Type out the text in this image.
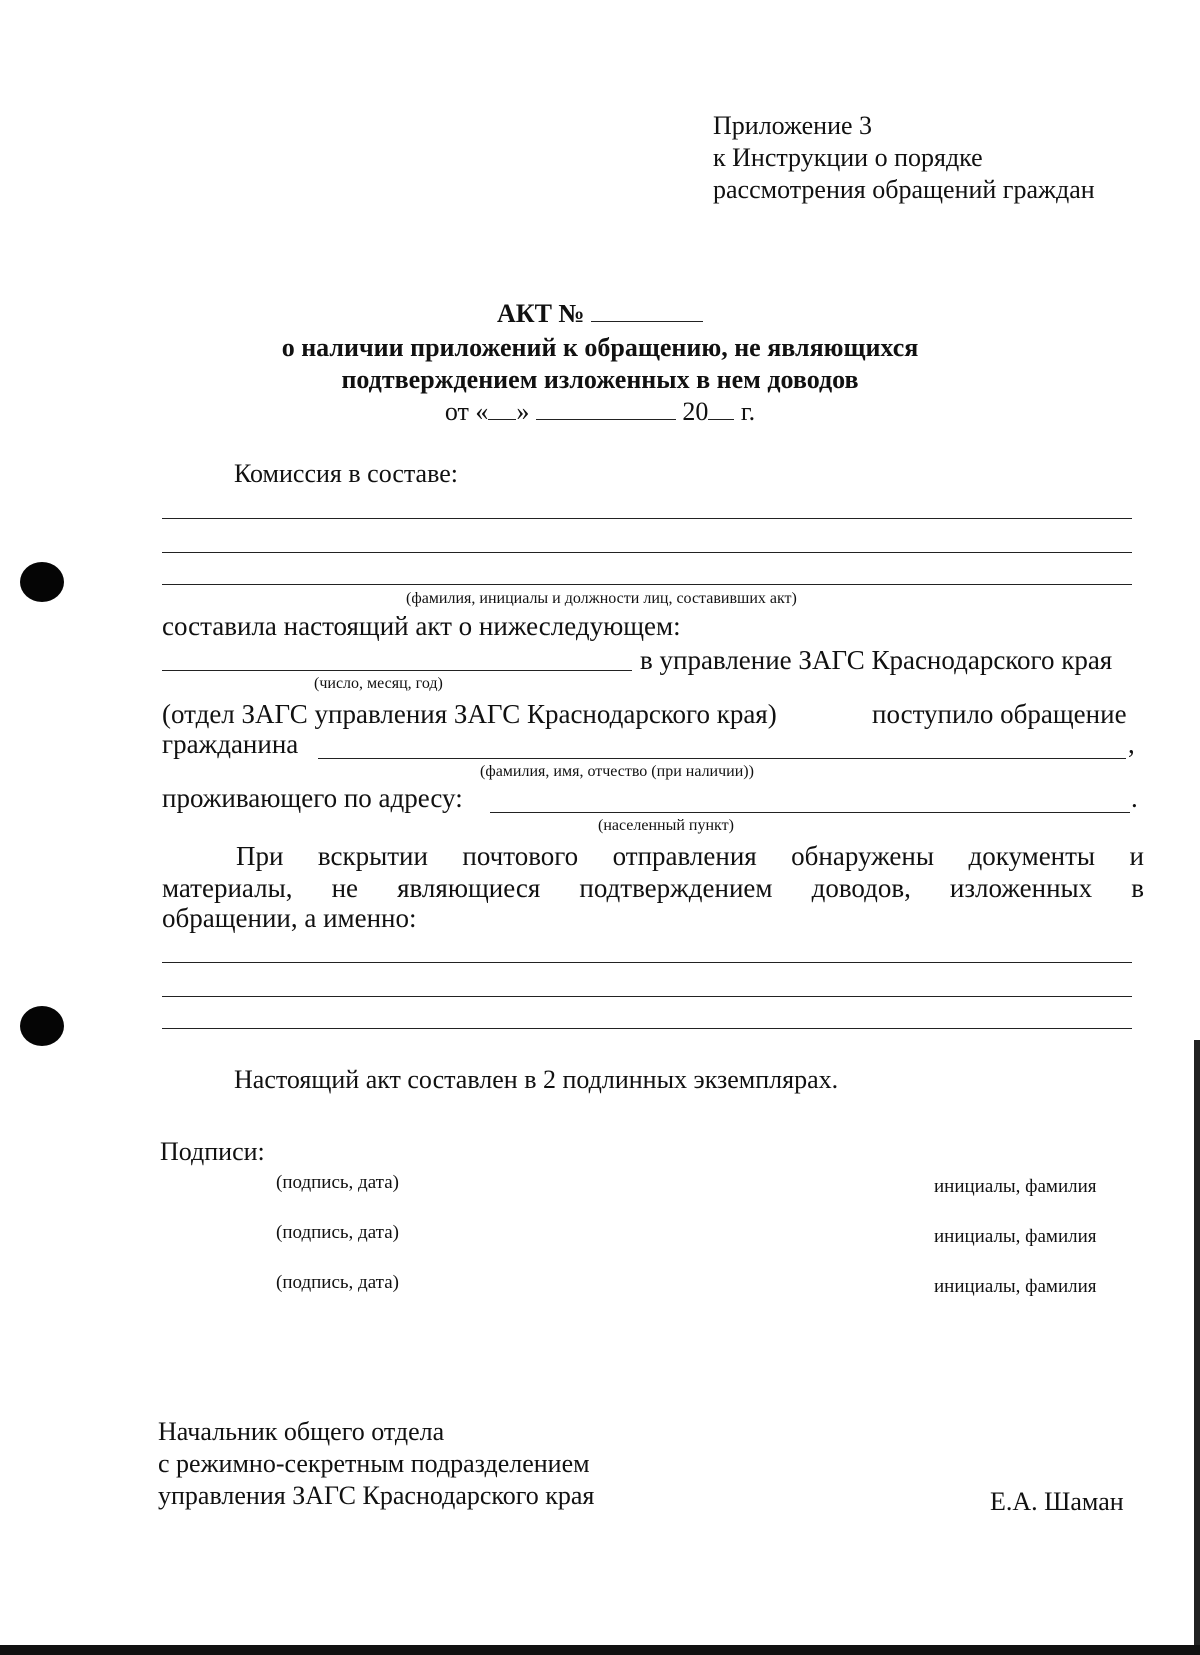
Приложение 3
к Инструкции о порядке
рассмотрения обращений граждан
АКТ №
о наличии приложений к обращению, не являющихся
подтверждением изложенных в нем доводов
от « »	20 г.
Комиссия в составе:
(фамилия, инициалы и должности лиц, составивших акт)
составила настоящий акт о нижеследующем:
в управление ЗАГС Краснодарского края
(число, месяц, год)
(отдел ЗАГС управления ЗАГС Краснодарского края)	поступило обращение
гражданина	,
(фамилия, имя, отчество (при наличии))
проживающего по адресу:	.
(населенный пункт)
При вскрытии почтового отправления обнаружены документы и
материалы, не являющиеся подтверждением доводов, изложенных в
обращении, а именно:
Настоящий акт составлен в 2 подлинных экземплярах.
Подписи:
(подпись, дата)	инициалы, фамилия
(подпись, дата)	инициалы, фамилия
(подпись, дата)	инициалы, фамилия
Начальник общего отдела
с режимно-секретным подразделением
управления ЗАГС Краснодарского края	Е.А. Шаман
